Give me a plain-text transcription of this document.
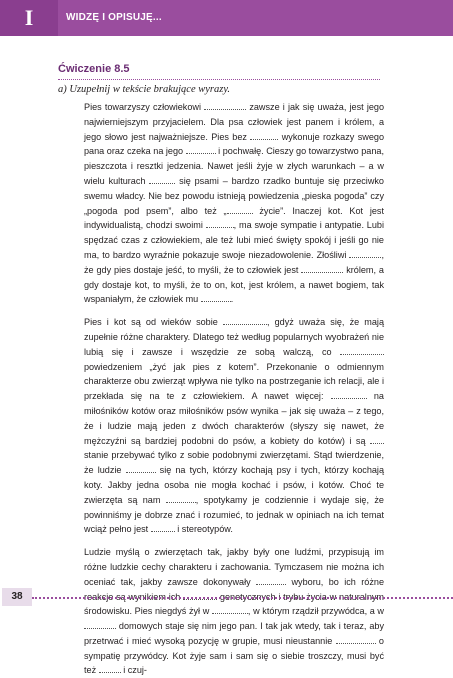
I	WIDZĘ I OPISUJĘ...
Ćwiczenie 8.5
a) Uzupełnij w tekście brakujące wyrazy.

Pies towarzyszy człowiekowi	zawsze i jak się uważa, jest jego najwierniejszym przyjacielem. Dla psa człowiek jest panem i królem, a jego słowo jest najważniejsze. Pies bez	wykonuje rozkazy swego pana oraz czeka na jego	i pochwałę. Cieszy go towarzystwo pana, pieszczota i resztki jedzenia. Nawet jeśli żyje w złych warunkach – a w wielu kulturach	się psami – bardzo rzadko buntuje się przeciwko swemu władcy. Nie bez powodu istnieją powiedzenia „pieska pogoda” czy „pogoda pod psem”, albo też „	życie”. Inaczej kot. Kot jest indywidualistą, chodzi swoimi	, ma swoje sympatie i antypatie. Lubi spędzać czas z człowiekiem, ale też lubi mieć święty spokój i jeśli go nie ma, to bardzo wyraźnie pokazuje swoje niezadowolenie. Złośliwi	, że gdy pies dostaje jeść, to myśli, że to człowiek jest	królem, a gdy dostaje kot, to myśli, że to on, kot, jest królem, a nawet bogiem, tak wspaniałym, że człowiek mu	.

Pies i kot są od wieków sobie	, gdyż uważa się, że mają zupełnie różne charaktery. Dlatego też według popularnych wyobrażeń nie lubią się i zawsze i wszędzie ze sobą walczą, co  powiedzeniem „żyć jak pies z kotem”. Przekonanie o odmiennym charakterze obu zwierząt wpływa nie tylko na postrzeganie ich relacji, ale i przekłada się na te z człowiekiem. A nawet więcej:	na miłośników kotów oraz miłośników psów wynika – jak się uważa – z tego, że i ludzie mają jeden z dwóch charakterów (słyszy się nawet, że mężczyźni są bardziej podobni do psów, a kobiety do kotów) i są  stanie przebywać tylko z sobie podobnymi zwierzętami. Stąd twierdzenie, że ludzie	się na tych, którzy kochają psy i tych, którzy kochają koty. Jakby jedna osoba nie mogła kochać i psów, i kotów. Choć te zwierzęta są nam	, spotykamy je codziennie i wydaje się, że powinniśmy je dobrze znać i rozumieć, to jednak w opiniach na ich temat wciąż pełno jest	i stereotypów.

Ludzie myślą o zwierzętach tak, jakby były one ludźmi, przypisują im różne ludzkie cechy charakteru i zachowania. Tymczasem nie można ich oceniać tak, jakby zawsze dokonywały	wyboru, bo ich różne reakcje są wynikiem ich	genetycznych i trybu życia w naturalnym środowisku. Pies niegdyś żył w	, w którym rządził przywódca, a w  domowych staje się nim jego pan. I tak jak wtedy, tak i teraz, aby przetrwać i mieć wysoką pozycję w grupie, musi nieustannie	o sympatię przywódcy. Kot żyje sam i sam się o siebie troszczy, musi być też  i czuj-

38
